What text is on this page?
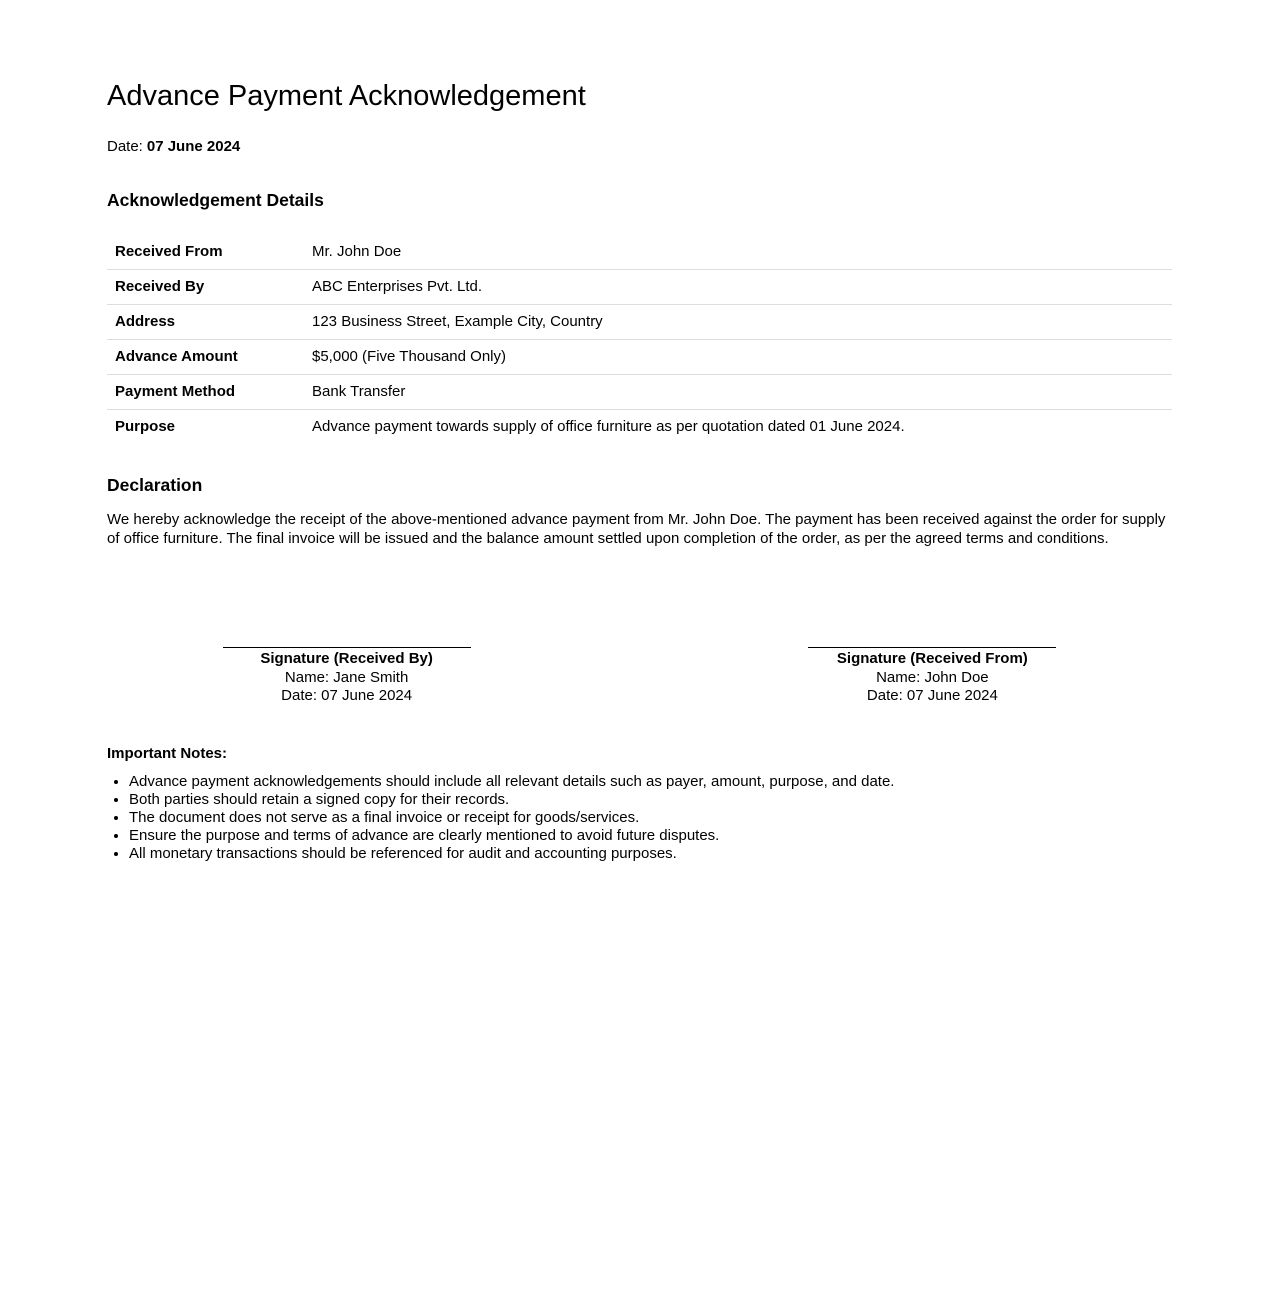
Advance Payment Acknowledgement

Date: 07 June 2024

Acknowledgement Details
Received From	Mr. John Doe
Received By	ABC Enterprises Pvt. Ltd.
Address	123 Business Street, Example City, Country
Advance Amount	$5,000 (Five Thousand Only)
Payment Method	Bank Transfer
Purpose	Advance payment towards supply of office furniture as per quotation dated 01 June 2024.
Declaration

We hereby acknowledge the receipt of the above-mentioned advance payment from Mr. John Doe. The payment has been received against the order for supply of office furniture. The final invoice will be issued and the balance amount settled upon completion of the order, as per the agreed terms and conditions.

Signature (Received By)
Name: Jane Smith
Date: 07 June 2024
Signature (Received From)
Name: John Doe
Date: 07 June 2024

Important Notes:

• Advance payment acknowledgements should include all relevant details such as payer, amount, purpose, and date.
• Both parties should retain a signed copy for their records.
• The document does not serve as a final invoice or receipt for goods/services.
• Ensure the purpose and terms of advance are clearly mentioned to avoid future disputes.
• All monetary transactions should be referenced for audit and accounting purposes.
